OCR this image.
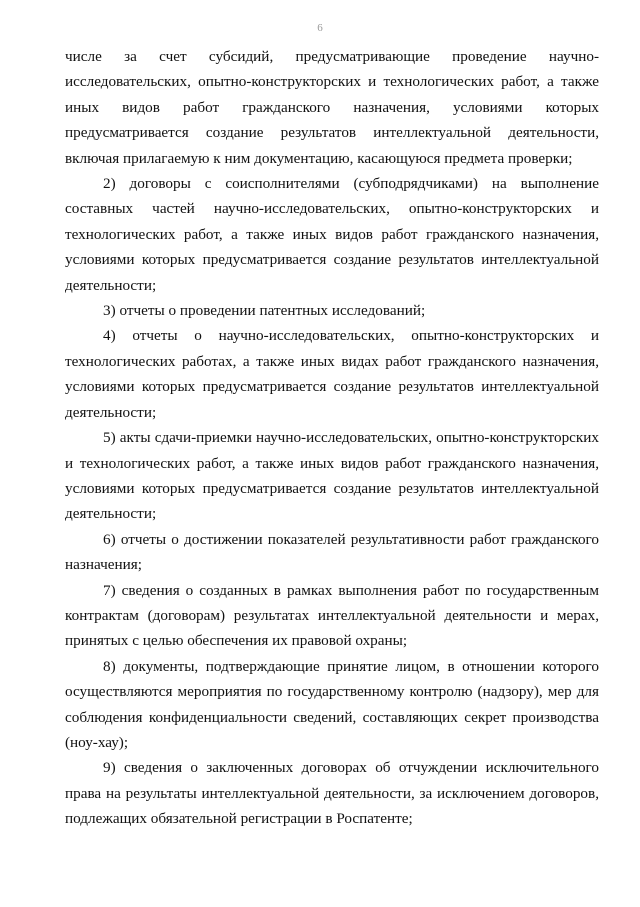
6

числе за счет субсидий, предусматривающие проведение научно-исследовательских, опытно-конструкторских и технологических работ, а также иных видов работ гражданского назначения, условиями которых предусматривается создание результатов интеллектуальной деятельности, включая прилагаемую к ним документацию, касающуюся предмета проверки;

2) договоры с соисполнителями (субподрядчиками) на выполнение составных частей научно-исследовательских, опытно-конструкторских и технологических работ, а также иных видов работ гражданского назначения, условиями которых предусматривается создание результатов интеллектуальной деятельности;

3) отчеты о проведении патентных исследований;

4) отчеты о научно-исследовательских, опытно-конструкторских и технологических работах, а также иных видах работ гражданского назначения, условиями которых предусматривается создание результатов интеллектуальной деятельности;

5) акты сдачи-приемки научно-исследовательских, опытно-конструкторских и технологических работ, а также иных видов работ гражданского назначения, условиями которых предусматривается создание результатов интеллектуальной деятельности;

6) отчеты о достижении показателей результативности работ гражданского назначения;

7) сведения о созданных в рамках выполнения работ по государственным контрактам (договорам) результатах интеллектуальной деятельности и мерах, принятых с целью обеспечения их правовой охраны;

8) документы, подтверждающие принятие лицом, в отношении которого осуществляются мероприятия по государственному контролю (надзору), мер для соблюдения конфиденциальности сведений, составляющих секрет производства (ноу-хау);

9) сведения о заключенных договорах об отчуждении исключительного права на результаты интеллектуальной деятельности, за исключением договоров, подлежащих обязательной регистрации в Роспатенте;
